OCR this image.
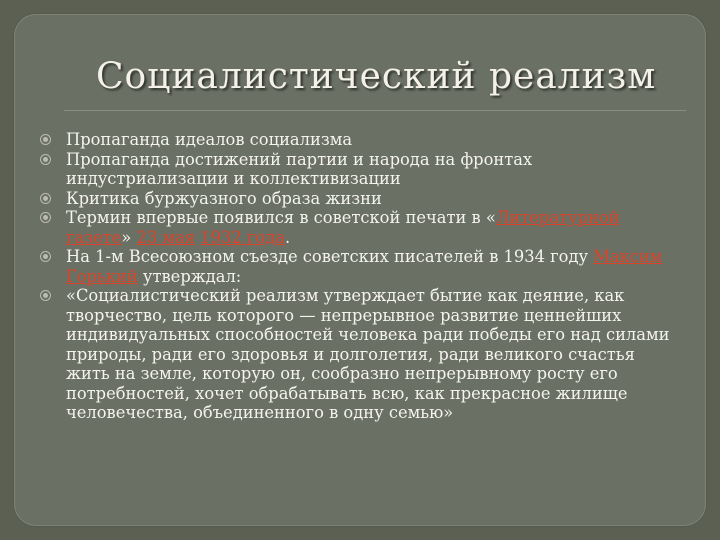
Социалистический реализм
Пропаганда идеалов социализма
Пропаганда достижений партии и народа на фронтах индустриализации и коллективизации
Критика буржуазного образа жизни
Термин впервые появился в советской печати в «Литературной газете» 23 мая 1932 года.
На 1-м Всесоюзном съезде советских писателей в 1934 году Максим Горький утверждал:
«Социалистический реализм утверждает бытие как деяние, как творчество, цель которого — непрерывное развитие ценнейших индивидуальных способностей человека ради победы его над силами природы, ради его здоровья и долголетия, ради великого счастья жить на земле, которую он, сообразно непрерывному росту его потребностей, хочет обрабатывать всю, как прекрасное жилище человечества, объединенного в одну семью»
